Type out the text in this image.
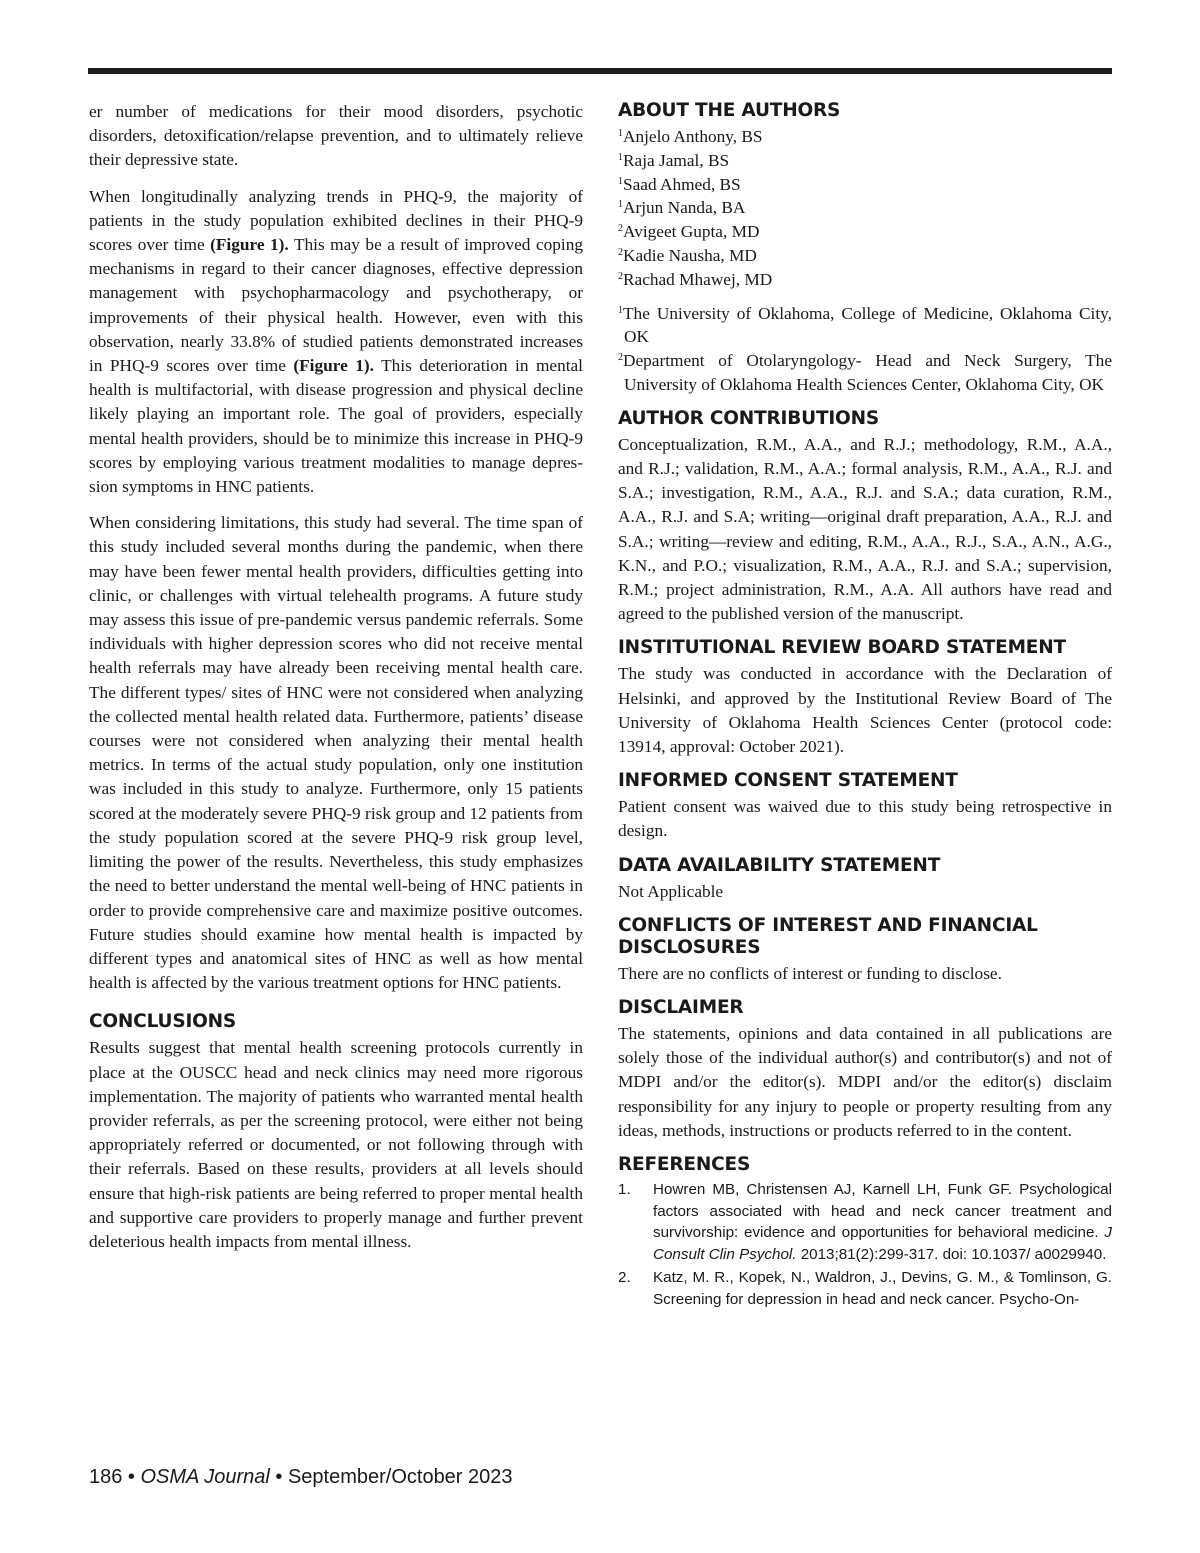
er number of medications for their mood disorders, psychotic disorders, detoxification/relapse prevention, and to ultimately relieve their depressive state.

When longitudinally analyzing trends in PHQ-9, the majority of patients in the study population exhibited declines in their PHQ-9 scores over time (Figure 1). This may be a result of improved coping mechanisms in regard to their cancer diagnoses, effective depression management with psychopharmacology and psychotherapy, or improvements of their physical health. However, even with this observation, nearly 33.8% of studied patients demonstrated increases in PHQ-9 scores over time (Figure 1). This deterioration in mental health is multifactorial, with disease progression and physical decline likely playing an important role. The goal of providers, especially mental health providers, should be to minimize this increase in PHQ-9 scores by employing various treatment modalities to manage depression symptoms in HNC patients.

When considering limitations, this study had several. The time span of this study included several months during the pandemic, when there may have been fewer mental health providers, difficulties getting into clinic, or challenges with virtual telehealth programs. A future study may assess this issue of pre-pandemic versus pandemic referrals. Some individuals with higher depression scores who did not receive mental health referrals may have already been receiving mental health care. The different types/ sites of HNC were not considered when analyzing the collected mental health related data. Furthermore, patients’ disease courses were not considered when analyzing their mental health metrics. In terms of the actual study population, only one institution was included in this study to analyze. Furthermore, only 15 patients scored at the moderately severe PHQ-9 risk group and 12 patients from the study population scored at the severe PHQ-9 risk group level, limiting the power of the results. Nevertheless, this study emphasizes the need to better understand the mental well-being of HNC patients in order to provide comprehensive care and maximize positive outcomes. Future studies should examine how mental health is impacted by different types and anatomical sites of HNC as well as how mental health is affected by the various treatment options for HNC patients.

CONCLUSIONS

Results suggest that mental health screening protocols currently in place at the OUSCC head and neck clinics may need more rigorous implementation. The majority of patients who warranted mental health provider referrals, as per the screening protocol, were either not being appropriately referred or documented, or not following through with their referrals. Based on these results, providers at all levels should ensure that high-risk patients are being referred to proper mental health and supportive care providers to properly manage and further prevent deleterious health impacts from mental illness.

ABOUT THE AUTHORS
$^1$Anjelo Anthony, BS
$^1$Raja Jamal, BS
$^1$Saad Ahmed, BS
$^1$Arjun Nanda, BA
$^2$Avigeet Gupta, MD
$^2$Kadie Nausha, MD
$^2$Rachad Mhawej, MD
$^1$The University of Oklahoma, College of Medicine, Oklahoma City, OK
$^2$Department of Otolaryngology- Head and Neck Surgery, The University of Oklahoma Health Sciences Center, Oklahoma City, OK
AUTHOR CONTRIBUTIONS

Conceptualization, R.M., A.A., and R.J.; methodology, R.M., A.A., and R.J.; validation, R.M., A.A.; formal analysis, R.M., A.A., R.J. and S.A.; investigation, R.M., A.A., R.J. and S.A.; data curation, R.M., A.A., R.J. and S.A; writing—original draft preparation, A.A., R.J. and S.A.; writing—review and editing, R.M., A.A., R.J., S.A., A.N., A.G., K.N., and P.O.; visualization, R.M., A.A., R.J. and S.A.; supervision, R.M.; project administration, R.M., A.A. All authors have read and agreed to the published version of the manuscript.

INSTITUTIONAL REVIEW BOARD STATEMENT

The study was conducted in accordance with the Declaration of Helsinki, and approved by the Institutional Review Board of The University of Oklahoma Health Sciences Center (protocol code: 13914, approval: October 2021).

INFORMED CONSENT STATEMENT

Patient consent was waived due to this study being retrospective in design.

DATA AVAILABILITY STATEMENT

Not Applicable

CONFLICTS OF INTEREST AND FINANCIAL DISCLOSURES

There are no conflicts of interest or funding to disclose.

DISCLAIMER

The statements, opinions and data contained in all publications are solely those of the individual author(s) and contributor(s) and not of MDPI and/or the editor(s). MDPI and/or the editor(s) disclaim responsibility for any injury to people or property resulting from any ideas, methods, instructions or products referred to in the content.

REFERENCES
1.	Howren MB, Christensen AJ, Karnell LH, Funk GF. Psychological factors associated with head and neck cancer treatment and survivorship: evidence and opportunities for behavioral medicine. J Consult Clin Psychol. 2013;81(2):299-317. doi: 10.1037/ a0029940.
2.	Katz, M. R., Kopek, N., Waldron, J., Devins, G. M., & Tomlinson, G. Screening for depression in head and neck cancer. Psycho-On-
186 • OSMA Journal • September/October 2023
